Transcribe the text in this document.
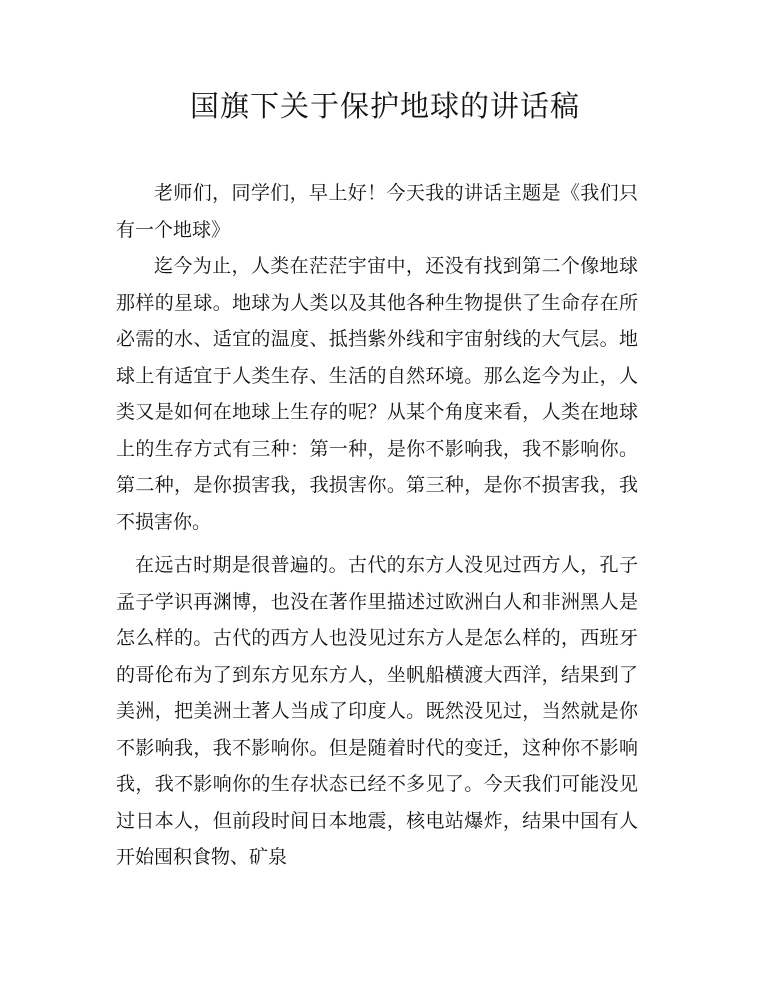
国旗下关于保护地球的讲话稿

老师们，同学们，早上好！今天我的讲话主题是《我们只有一个地球》

迄今为止，人类在茫茫宇宙中，还没有找到第二个像地球那样的星球。地球为人类以及其他各种生物提供了生命存在所必需的水、适宜的温度、抵挡紫外线和宇宙射线的大气层。地球上有适宜于人类生存、生活的自然环境。那么迄今为止，人类又是如何在地球上生存的呢？从某个角度来看，人类在地球上的生存方式有三种：第一种，是你不影响我，我不影响你。第二种，是你损害我，我损害你。第三种，是你不损害我，我不损害你。

在远古时期是很普遍的。古代的东方人没见过西方人，孔子孟子学识再渊博，也没在著作里描述过欧洲白人和非洲黑人是怎么样的。古代的西方人也没见过东方人是怎么样的，西班牙的哥伦布为了到东方见东方人，坐帆船横渡大西洋，结果到了美洲，把美洲土著人当成了印度人。既然没见过，当然就是你不影响我，我不影响你。但是随着时代的变迁，这种你不影响我，我不影响你的生存状态已经不多见了。今天我们可能没见过日本人，但前段时间日本地震，核电站爆炸，结果中国有人开始囤积食物、矿泉
